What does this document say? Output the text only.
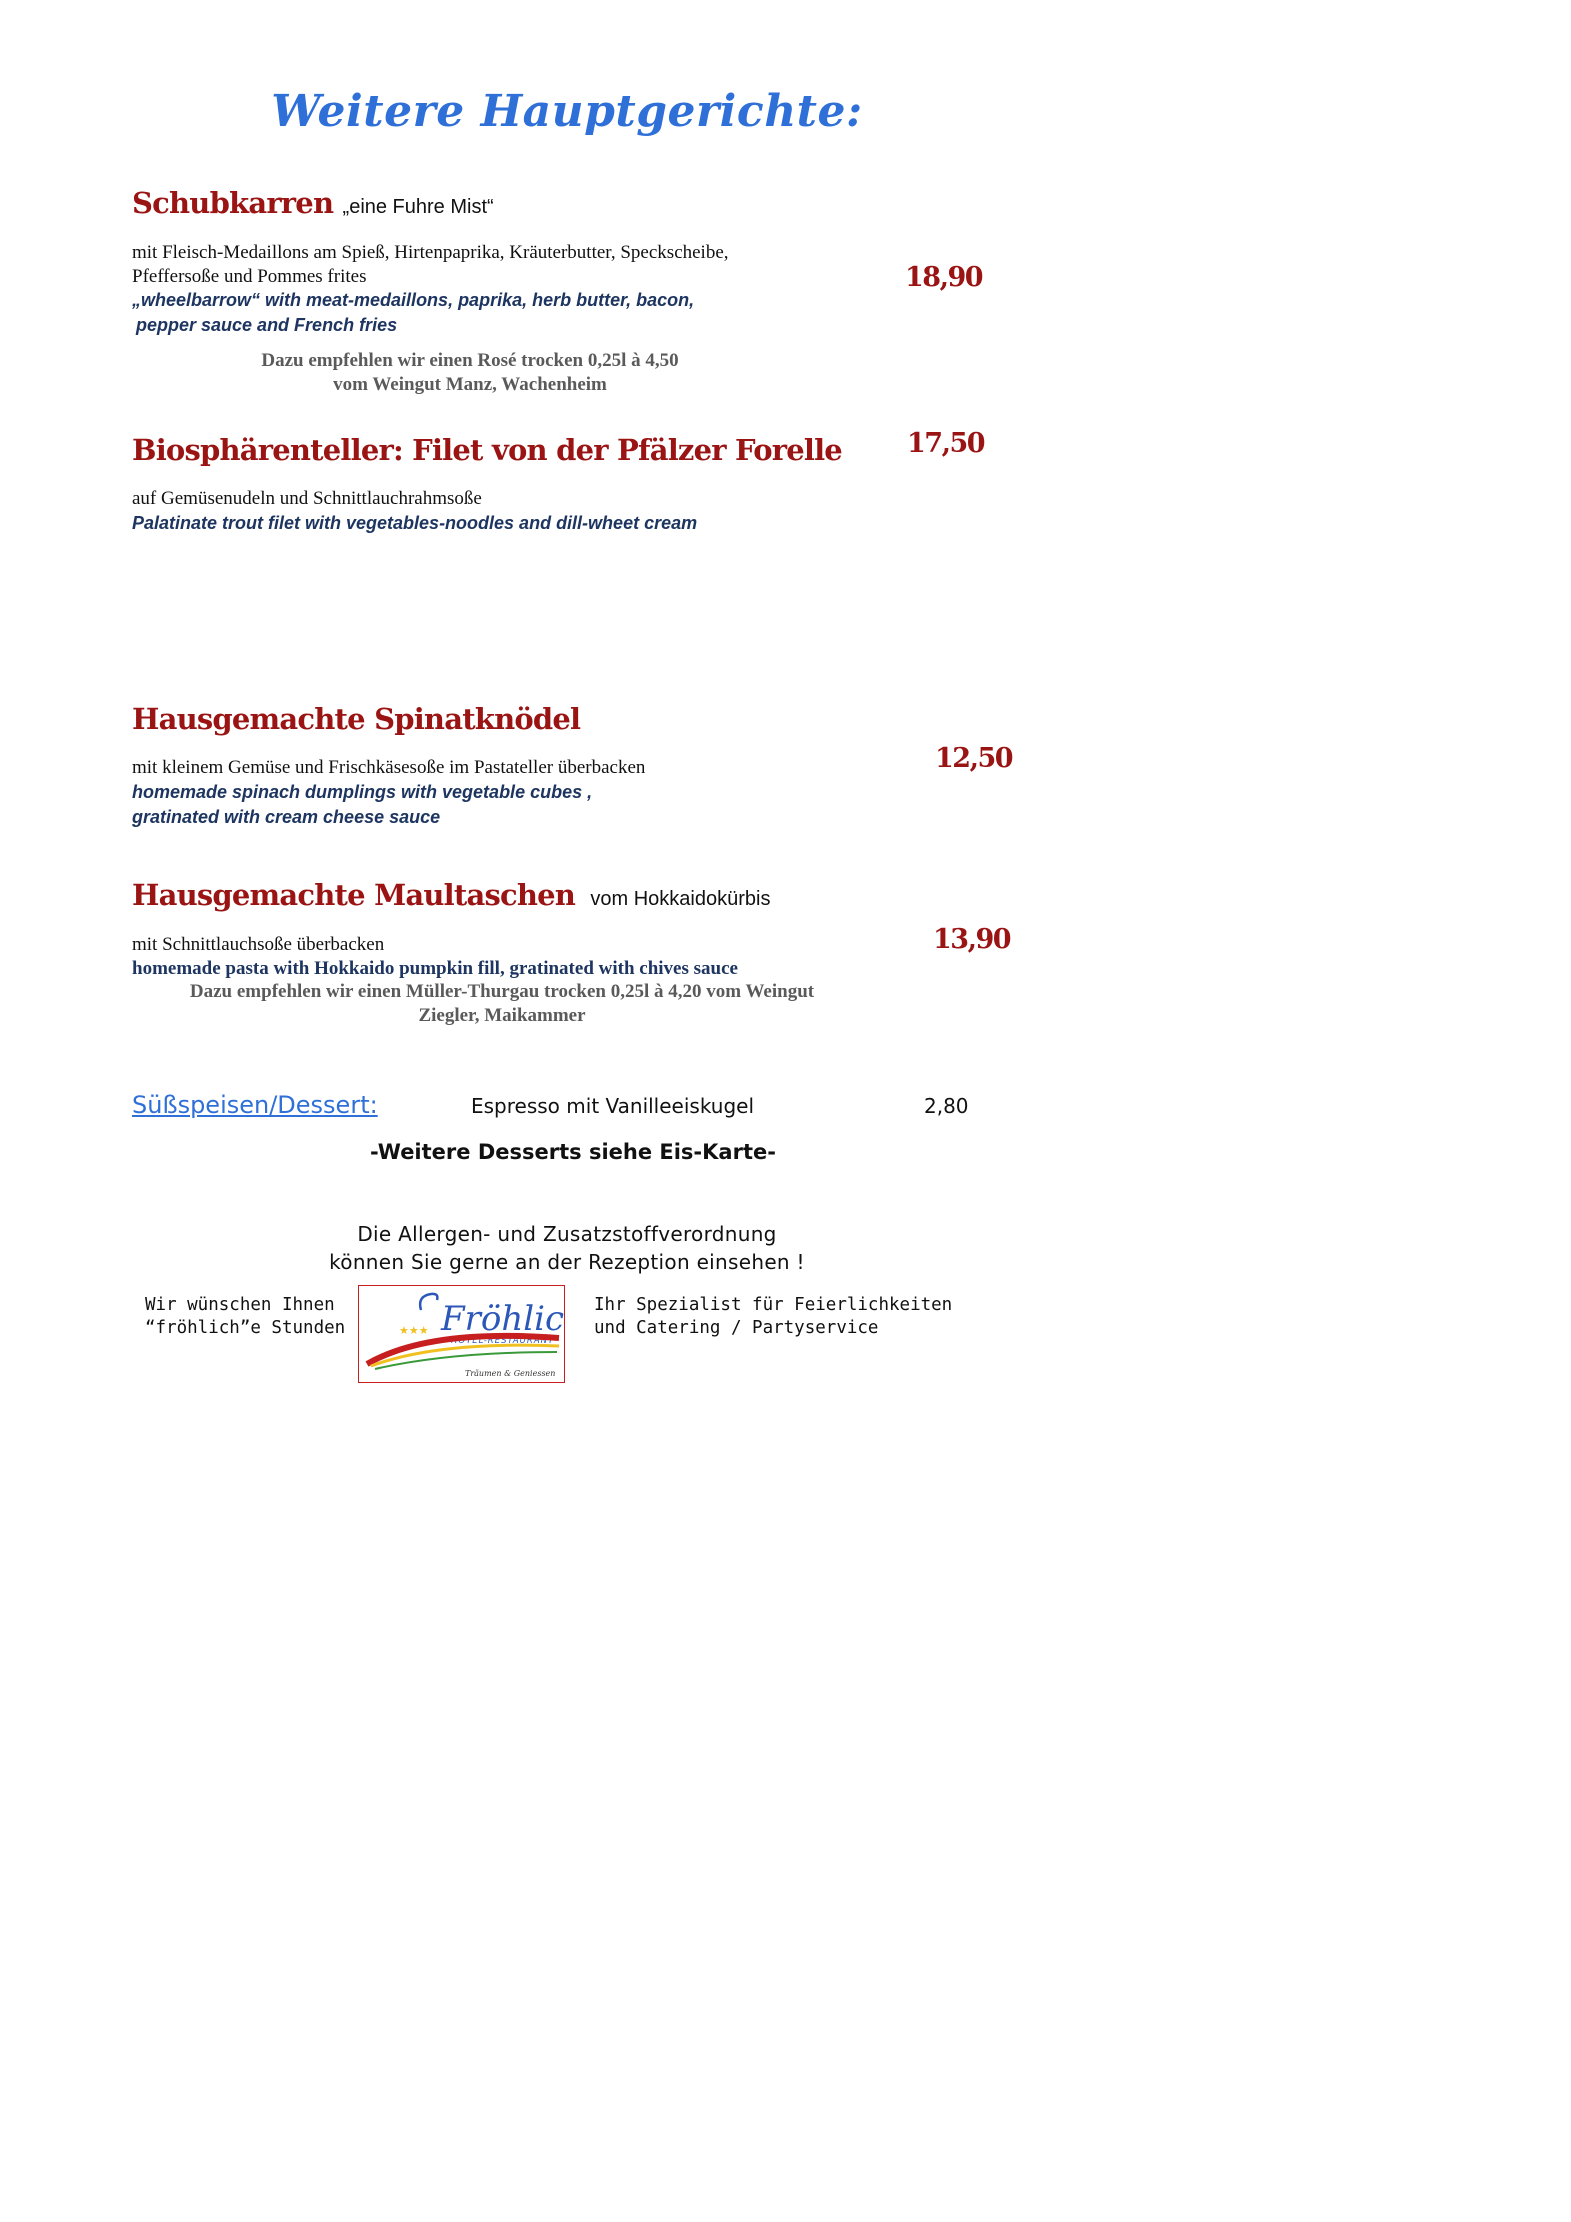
Weitere Hauptgerichte:
Schubkarren „eine Fuhre Mist“
mit Fleisch-Medaillons am Spieß, Hirtenpaprika, Kräuterbutter, Speckscheibe,
Pfeffersoße und Pommes frites
„wheelbarrow“ with meat-medaillons, paprika, herb butter, bacon,
pepper sauce and French fries
18,90
Dazu empfehlen wir einen Rosé trocken 0,25l à 4,50
vom Weingut Manz, Wachenheim
Biosphärenteller: Filet von der Pfälzer Forelle 17,50
auf Gemüsenudeln und Schnittlauchrahmsoße
Palatinate trout filet with vegetables-noodles and dill-wheet cream
Hausgemachte Spinatknödel
12,50
mit kleinem Gemüse und Frischkäsesoße im Pastateller überbacken
homemade spinach dumplings with vegetable cubes ,
gratinated with cream cheese sauce
Hausgemachte Maultaschen vom Hokkaidokürbis
13,90
mit Schnittlauchsoße überbacken
homemade pasta with Hokkaido pumpkin fill, gratinated with chives sauce
Dazu empfehlen wir einen Müller-Thurgau trocken 0,25l à 4,20 vom Weingut
Ziegler, Maikammer
Süßspeisen/Dessert:	Espresso mit Vanilleeiskugel	2,80
-Weitere Desserts siehe Eis-Karte-
Die Allergen- und Zusatzstoffverordnung
können Sie gerne an der Rezeption einsehen !
Wir wünschen Ihnen
“fröhlich”e Stunden	★★★ Fröhlic
HOTEL-RESTAURANT
Träumen & Geniessen
Ihr Spezialist für Feierlichkeiten
und Catering / Partyservice
